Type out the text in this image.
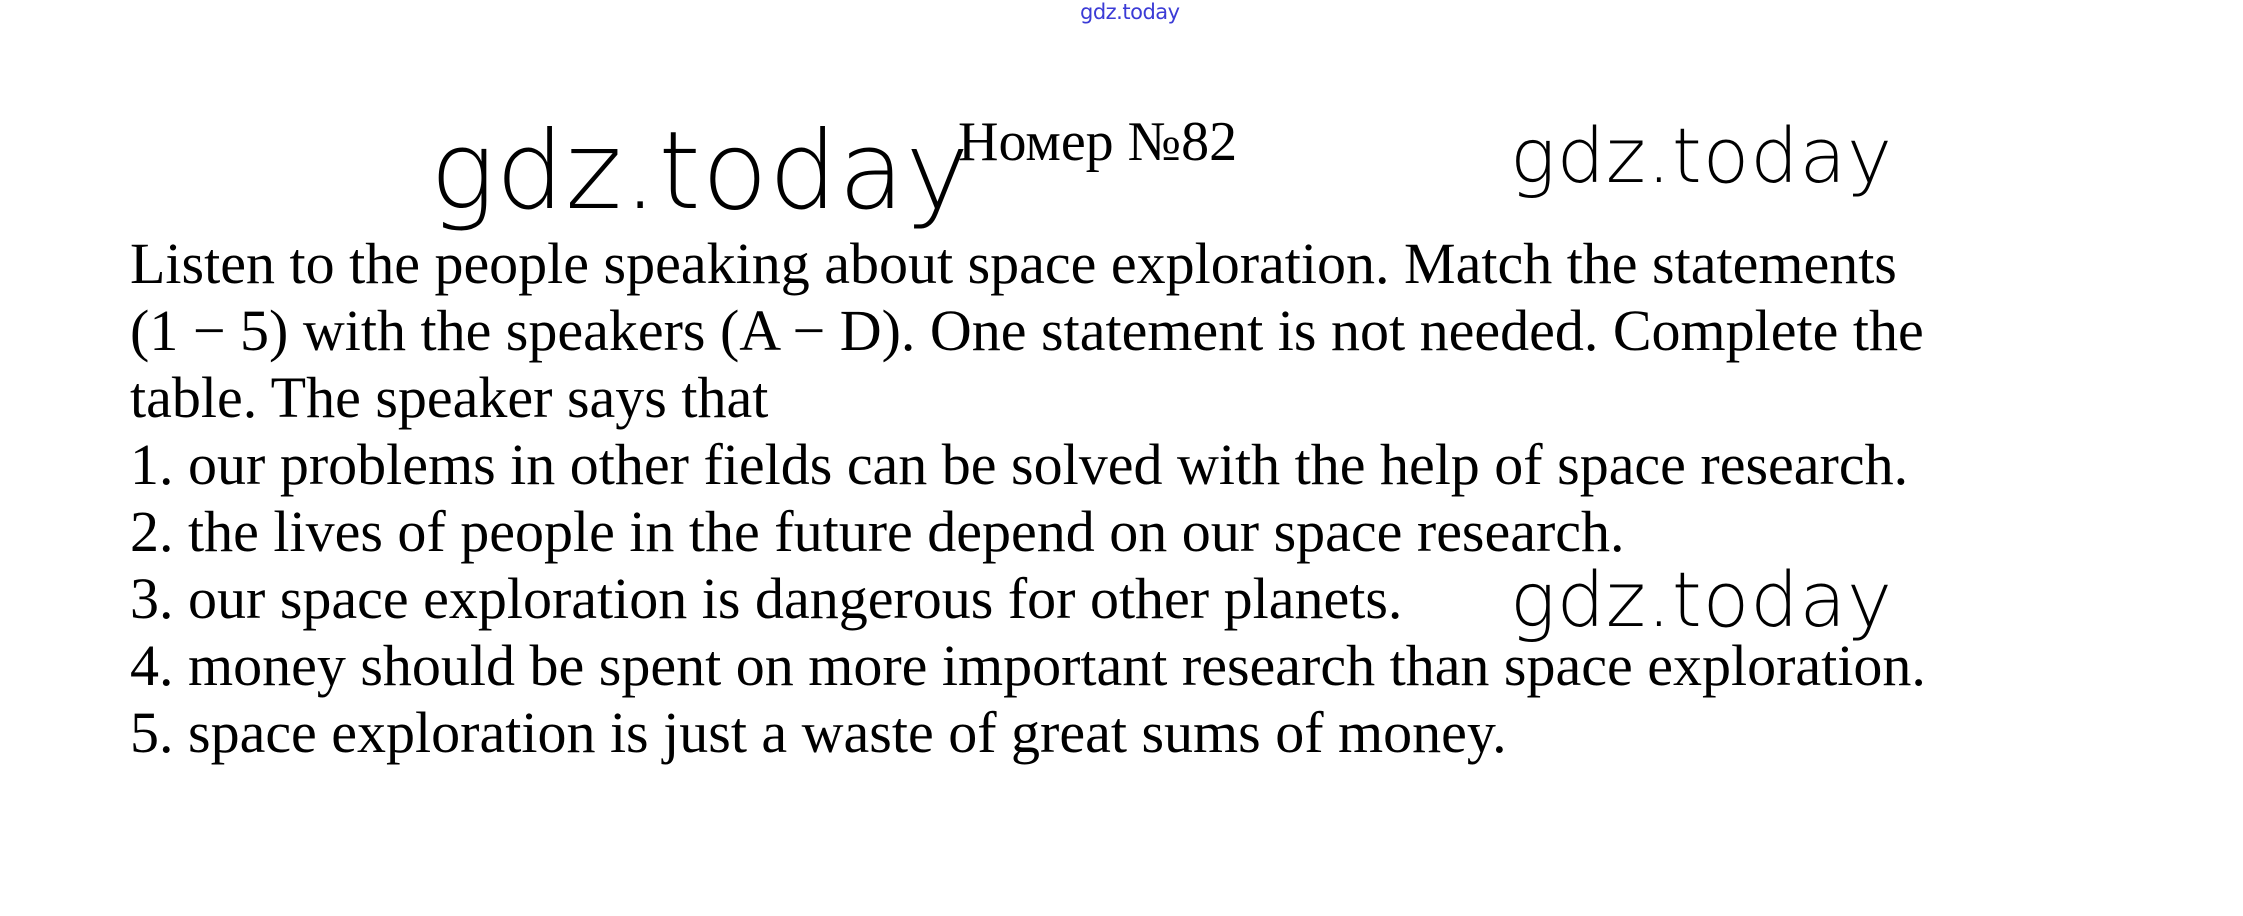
gdz.today
gdz.today
Номер №82	gdz.today

Listen to the people speaking about space exploration. Match the statements

(1 − 5) with the speakers (A − D). One statement is not needed. Complete the

table. The speaker says that

1. our problems in other fields can be solved with the help of space research.
2. the lives of people in the future depend on our space research.
3. our space exploration is dangerous for other planets.
4. money should be spent on more important research than space exploration.
5. space exploration is just a waste of great sums of money.
gdz.today
